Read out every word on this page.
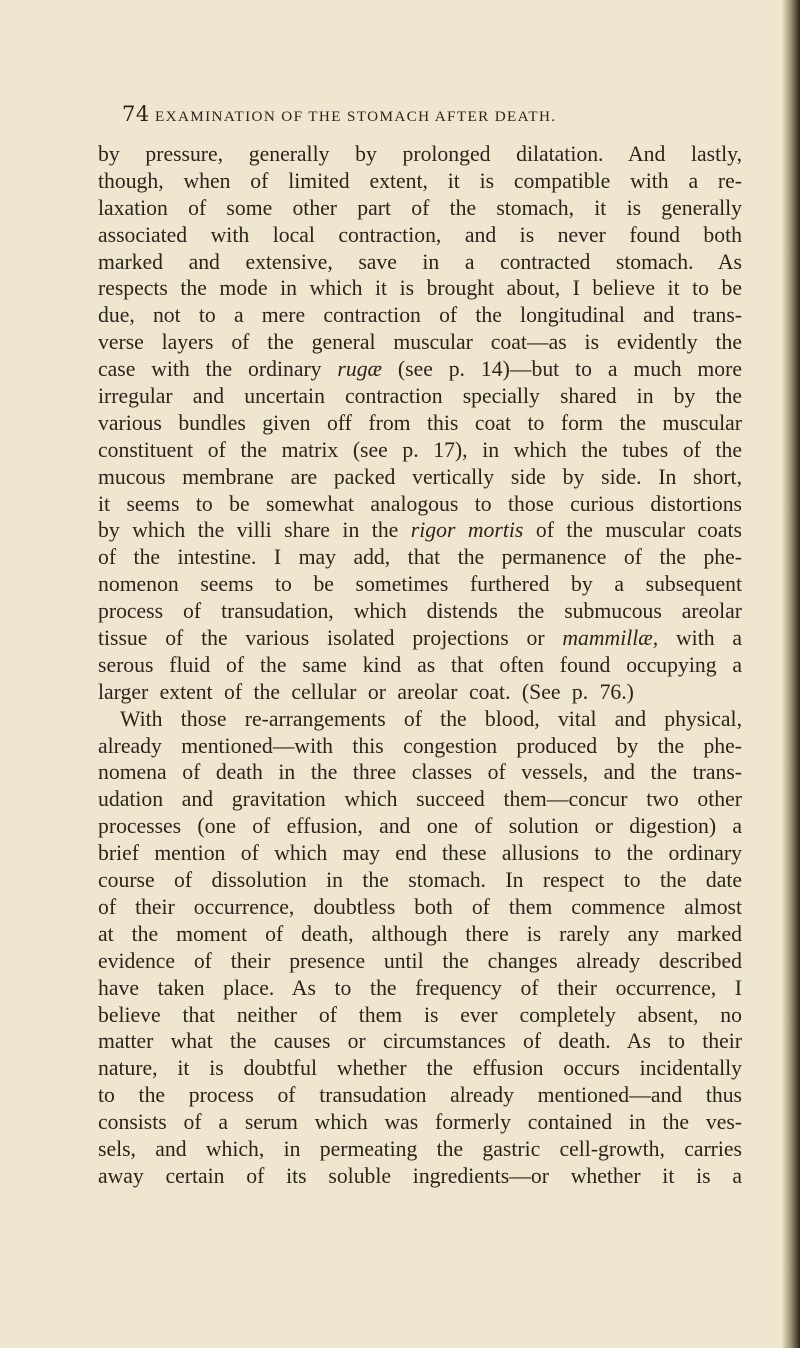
74 EXAMINATION OF THE STOMACH AFTER DEATH.
by pressure, generally by prolonged dilatation. And lastly,
though, when of limited extent, it is compatible with a re-
laxation of some other part of the stomach, it is generally
associated with local contraction, and is never found both
marked and extensive, save in a contracted stomach. As
respects the mode in which it is brought about, I believe it to be
due, not to a mere contraction of the longitudinal and trans-
verse layers of the general muscular coat—as is evidently the
case with the ordinary rugæ (see p. 14)—but to a much more
irregular and uncertain contraction specially shared in by the
various bundles given off from this coat to form the muscular
constituent of the matrix (see p. 17), in which the tubes of the
mucous membrane are packed vertically side by side. In short,
it seems to be somewhat analogous to those curious distortions
by which the villi share in the rigor mortis of the muscular coats
of the intestine. I may add, that the permanence of the phe-
nomenon seems to be sometimes furthered by a subsequent
process of transudation, which distends the submucous areolar
tissue of the various isolated projections or mammillæ, with a
serous fluid of the same kind as that often found occupying a
larger extent of the cellular or areolar coat. (See p. 76.)
With those re-arrangements of the blood, vital and physical,
already mentioned—with this congestion produced by the phe-
nomena of death in the three classes of vessels, and the trans-
udation and gravitation which succeed them—concur two other
processes (one of effusion, and one of solution or digestion) a
brief mention of which may end these allusions to the ordinary
course of dissolution in the stomach. In respect to the date
of their occurrence, doubtless both of them commence almost
at the moment of death, although there is rarely any marked
evidence of their presence until the changes already described
have taken place. As to the frequency of their occurrence, I
believe that neither of them is ever completely absent, no
matter what the causes or circumstances of death. As to their
nature, it is doubtful whether the effusion occurs incidentally
to the process of transudation already mentioned—and thus
consists of a serum which was formerly contained in the ves-
sels, and which, in permeating the gastric cell-growth, carries
away certain of its soluble ingredients—or whether it is a
